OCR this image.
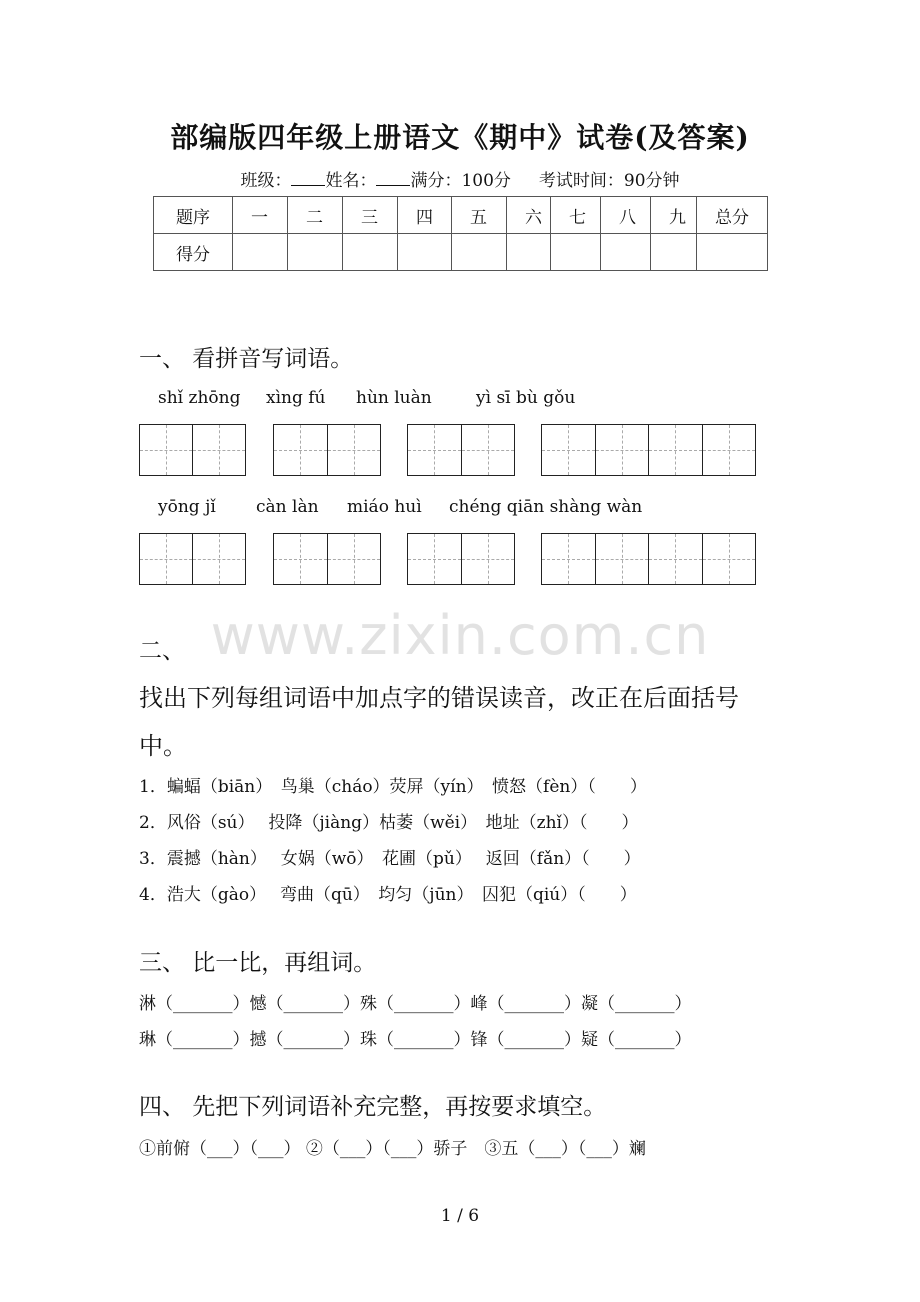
部编版四年级上册语文《期中》试卷(及答案)
班级： 姓名： 满分：100分 考试时间：90分钟
题序	一	二	三	四	五	六	七	八	九	总分
得分										
一、 看拼音写词语。
shǐ zhōng xìng fú hùn luàn	yì sī bù gǒu
yōng jǐ càn làn miáo huì chéng qiān shàng wàn
www.zixin.com.cn
二、
找出下列每组词语中加点字的错误读音，改正在后面括号
中。
1．蝙蝠（biān）　鸟巢（cháo）荧屏（yín）　愤怒（fèn）（　　）
2．风俗（sú）　 投降（jiàng）枯萎（wěi）　地址（zhǐ）（　　）
3．震撼（hàn）　 女娲（wō）　花圃（pǔ）　 返回（fǎn）（　　）
4．浩大（gào）　 弯曲（qū）　均匀（jūn）　囚犯（qiú）（　　）
三、 比一比，再组词。
淋（_______）憾（_______）殊（_______）峰（_______）凝（_______）
琳（_______）撼（_______）珠（_______）锋（_______）疑（_______）
四、 先把下列词语补充完整，再按要求填空。
①前俯（___）（___） ②（___）（___）骄子　③五（___）（___）斓
1 / 6
